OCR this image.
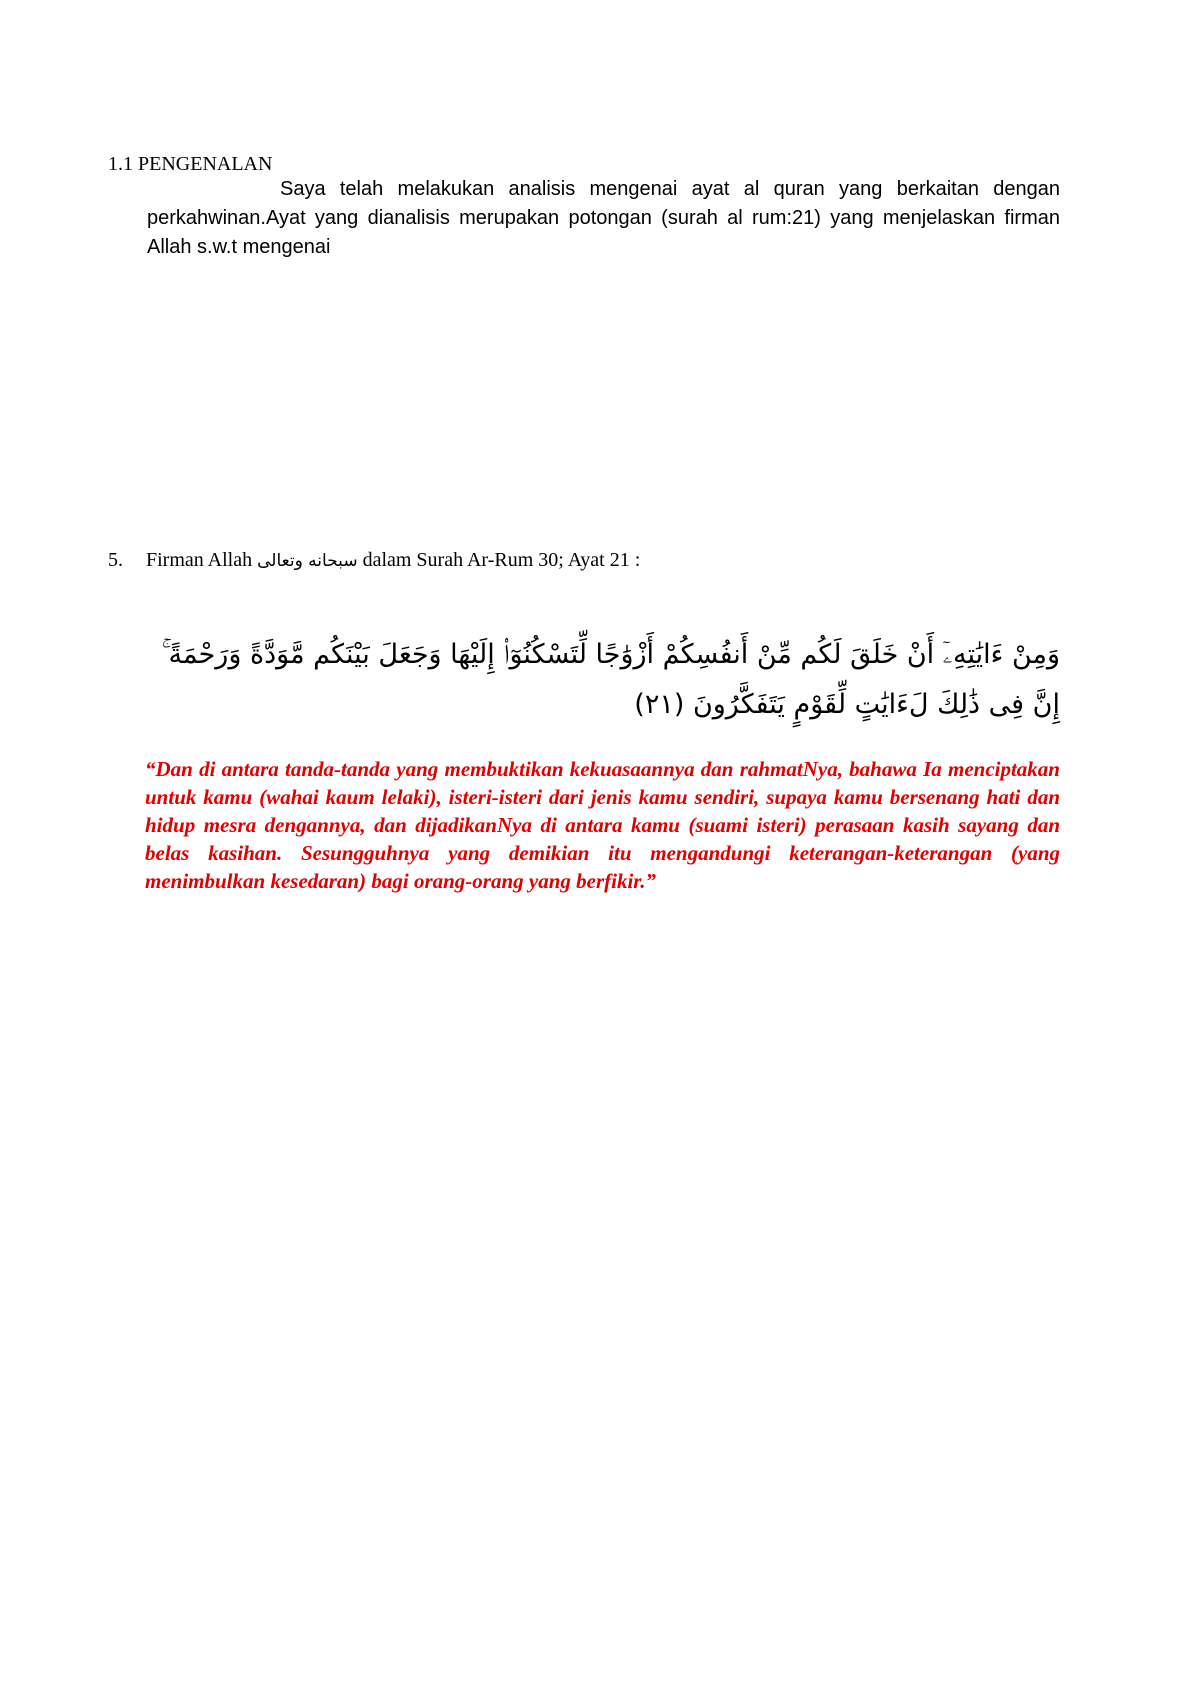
1.1 PENGENALAN

Saya telah melakukan analisis mengenai ayat al quran yang berkaitan dengan perkahwinan.Ayat yang dianalisis merupakan potongan (surah al rum:21) yang menjelaskan firman Allah s.w.t mengenai

5. Firman Allah سبحانه وتعالى dalam Surah Ar-Rum 30; Ayat 21 :
وَمِنْ ءَايَٰتِهِۦٓ أَنْ خَلَقَ لَكُم مِّنْ أَنفُسِكُمْ أَزْوَٰجًا لِّتَسْكُنُوٓا۟ إِلَيْهَا وَجَعَلَ بَيْنَكُم مَّوَدَّةً وَرَحْمَةً ۚ إِنَّ فِى ذَٰلِكَ لَءَايَٰتٍ لِّقَوْمٍ يَتَفَكَّرُونَ (٢١)

“Dan di antara tanda-tanda yang membuktikan kekuasaannya dan rahmatNya, bahawa Ia menciptakan untuk kamu (wahai kaum lelaki), isteri-isteri dari jenis kamu sendiri, supaya kamu bersenang hati dan hidup mesra dengannya, dan dijadikanNya di antara kamu (suami isteri) perasaan kasih sayang dan belas kasihan. Sesungguhnya yang demikian itu mengandungi keterangan-keterangan (yang menimbulkan kesedaran) bagi orang-orang yang berfikir.”
